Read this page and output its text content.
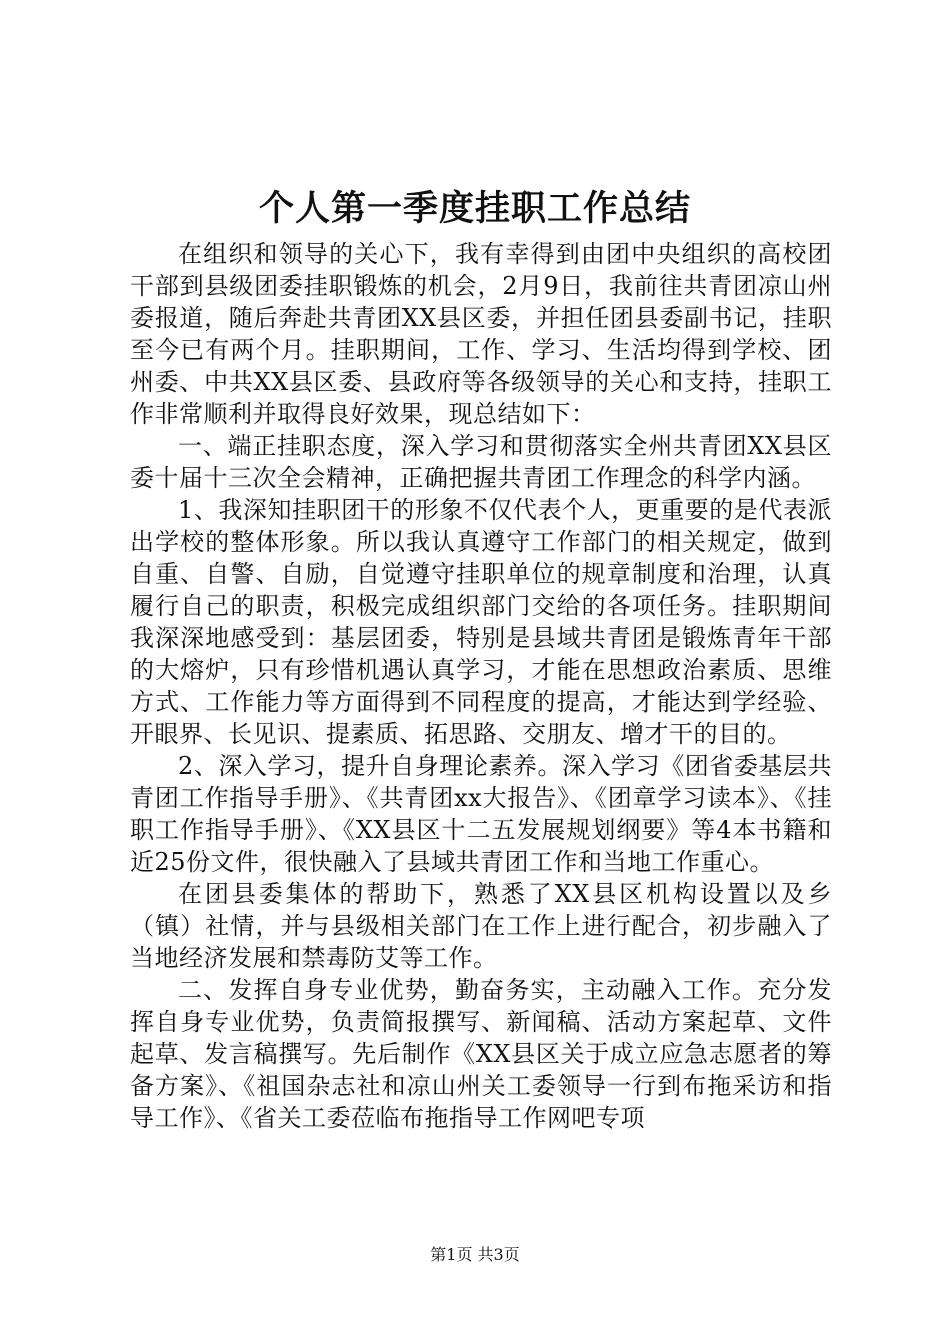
个人第一季度挂职工作总结

在组织和领导的关心下，我有幸得到由团中央组织的高校团干部到县级团委挂职锻炼的机会，2月9日，我前往共青团凉山州委报道，随后奔赴共青团XX县区委，并担任团县委副书记，挂职至今已有两个月。挂职期间，工作、学习、生活均得到学校、团州委、中共XX县区委、县政府等各级领导的关心和支持，挂职工作非常顺利并取得良好效果，现总结如下：

一、端正挂职态度，深入学习和贯彻落实全州共青团XX县区委十届十三次全会精神，正确把握共青团工作理念的科学内涵。

1、我深知挂职团干的形象不仅代表个人，更重要的是代表派出学校的整体形象。所以我认真遵守工作部门的相关规定，做到自重、自警、自励，自觉遵守挂职单位的规章制度和治理，认真履行自己的职责，积极完成组织部门交给的各项任务。挂职期间我深深地感受到：基层团委，特别是县域共青团是锻炼青年干部的大熔炉，只有珍惜机遇认真学习，才能在思想政治素质、思维方式、工作能力等方面得到不同程度的提高，才能达到学经验、开眼界、长见识、提素质、拓思路、交朋友、增才干的目的。

2、深入学习，提升自身理论素养。深入学习《团省委基层共青团工作指导手册》、《共青团xx大报告》、《团章学习读本》、《挂职工作指导手册》、《XX县区十二五发展规划纲要》等4本书籍和近25份文件，很快融入了县域共青团工作和当地工作重心。

在团县委集体的帮助下，熟悉了XX县区机构设置以及乡（镇）社情，并与县级相关部门在工作上进行配合，初步融入了当地经济发展和禁毒防艾等工作。

二、发挥自身专业优势，勤奋务实，主动融入工作。充分发挥自身专业优势，负责简报撰写、新闻稿、活动方案起草、文件起草、发言稿撰写。先后制作《XX县区关于成立应急志愿者的筹备方案》、《祖国杂志社和凉山州关工委领导一行到布拖采访和指导工作》、《省关工委莅临布拖指导工作网吧专项

第1页 共3页
